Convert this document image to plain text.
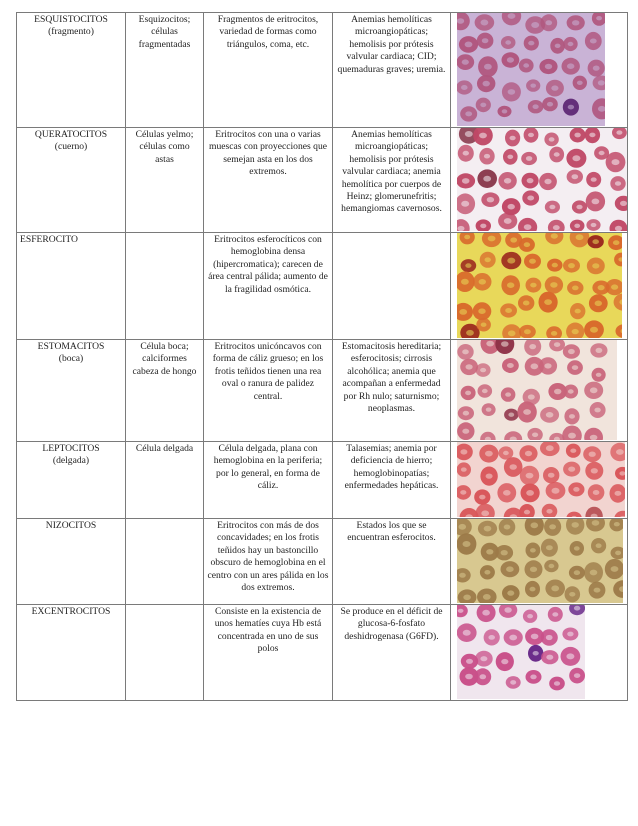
ESQUISTOCITOS
(fragmento)	Esquizocitos; células fragmentadas	Fragmentos de eritrocitos, variedad de formas como triángulos, coma, etc.	Anemias hemolíticas microangiopáticas; hemolisis por prótesis valvular cardiaca; CID; quemaduras graves; uremia.	

QUERATOCITOS
(cuerno)	Células yelmo; células como astas	Eritrocitos con una o varias muescas con proyecciones que semejan asta en los dos extremos.	Anemias hemolíticas microangiopáticas; hemolisis por prótesis valvular cardiaca; anemia hemolítica por cuerpos de Heinz; glomerunefritis; hemangiomas cavernosos.	

ESFEROCITO		Eritrocitos esferocíticos con hemoglobina densa (hipercromatica); carecen de área central pálida; aumento de la fragilidad osmótica.		

ESTOMACITOS
(boca)	Célula boca; calciformes cabeza de hongo	Eritrocitos unicóncavos con forma de cáliz grueso; en los frotis teñidos tienen una rea oval o ranura de palidez central.	Estomacitosis hereditaria; esferocitosis; cirrosis alcohólica; anemia que acompañan a enfermedad por Rh nulo; saturnismo; neoplasmas.	

LEPTOCITOS
(delgada)	Célula delgada	Célula delgada, plana con hemoglobina en la periferia; por lo general, en forma de cáliz.	Talasemias; anemia por deficiencia de hierro; hemoglobinopatías; enfermedades hepáticas.	

NIZOCITOS		Eritrocitos con más de dos concavidades; en los frotis teñidos hay un bastoncillo obscuro de hemoglobina en el centro con un ares pálida en los dos extremos.	Estados los que se encuentran esferocitos.	

EXCENTROCITOS		Consiste en la existencia de unos hematíes cuya Hb está concentrada en uno de sus polos	Se produce en el déficit de glucosa-6-fosfato deshidrogenasa (G6FD).	
